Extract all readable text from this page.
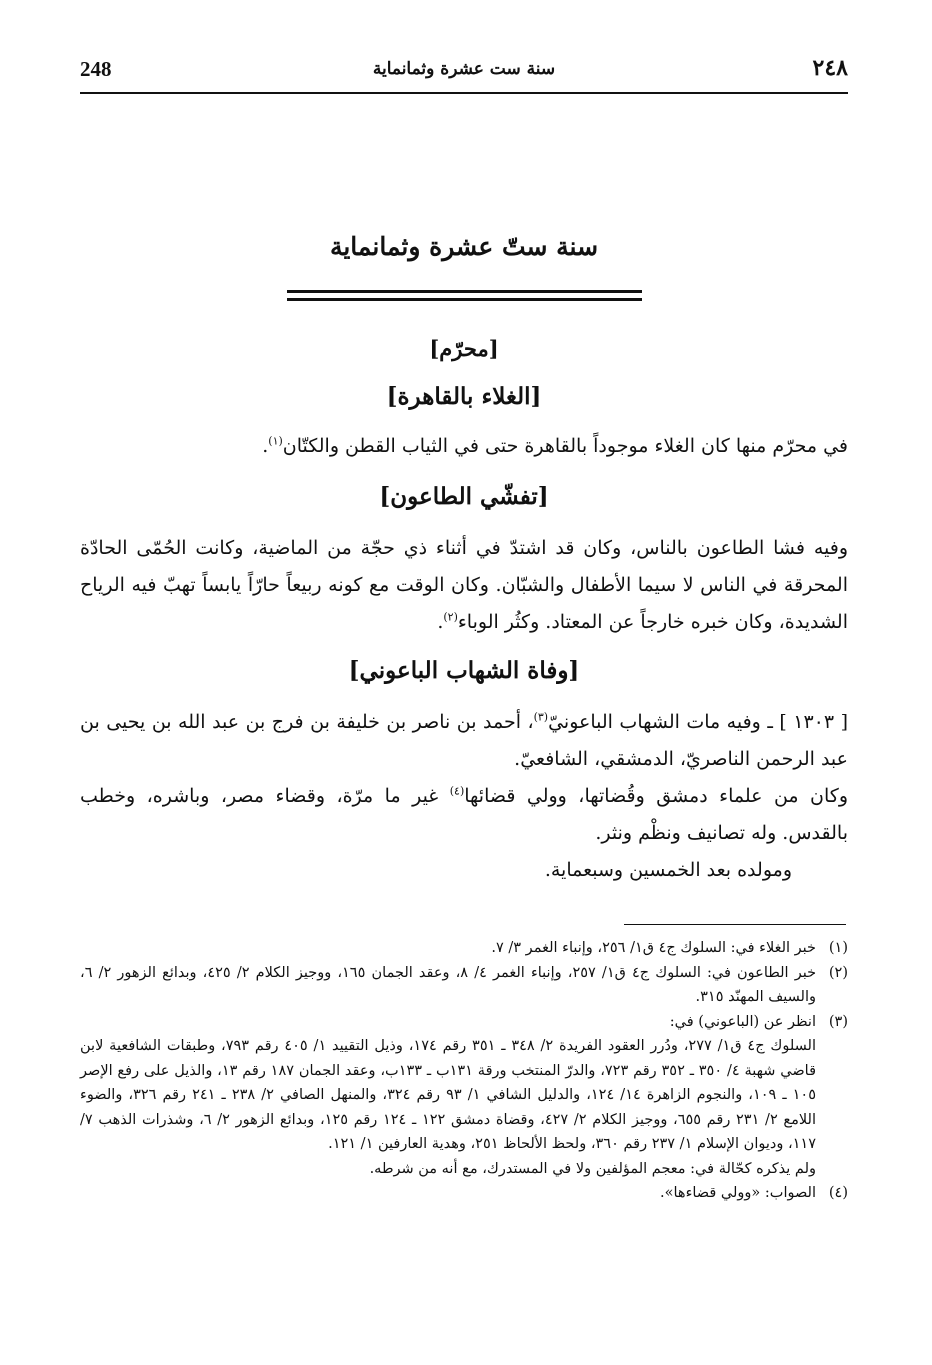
248	سنة ست عشرة وثمانماية	٢٤٨
سنة ستّ عشرة وثمانماية
[محرّم]
[الغلاء بالقاهرة]

في محرّم منها كان الغلاء موجوداً بالقاهرة حتى في الثياب القطن والكتّان$^{(١)}$.

[تفشّي الطاعون]

وفيه فشا الطاعون بالناس، وكان قد اشتدّ في أثناء ذي حجّة من الماضية، وكانت الحُمّى الحادّة المحرقة في الناس لا سيما الأطفال والشبّان. وكان الوقت مع كونه ربيعاً حارّاً يابساً تهبّ فيه الرياح الشديدة، وكان خبره خارجاً عن المعتاد. وكثُر الوباء$^{(٢)}$.

[وفاة الشهاب الباعوني]

[ ١٣٠٣ ] ـ وفيه مات الشهاب الباعونيّ$^{(٣)}$، أحمد بن ناصر بن خليفة بن فرج بن عبد الله بن يحيى بن عبد الرحمن الناصريّ، الدمشقي، الشافعيّ.

وكان من علماء دمشق وقُضاتها، وولي قضائها$^{(٤)}$ غير ما مرّة، وقضاء مصر، وباشره، وخطب بالقدس. وله تصانيف ونظْم ونثر.

ومولده بعد الخمسين وسبعماية.

(١)
خبر الغلاء في: السلوك ج٤ ق١/ ٢٥٦، وإنباء الغمر ٣/ ٧.
(٢)
خبر الطاعون في: السلوك ج٤ ق١/ ٢٥٧، وإنباء الغمر ٤/ ٨، وعقد الجمان ١٦٥، ووجيز الكلام ٢/ ٤٢٥، وبدائع الزهور ٢/ ٦، والسيف المهنّد ٣١٥.
(٣)
انظر عن (الباعوني) في:
السلوك ج٤ ق١/ ٢٧٧، ودُرر العقود الفريدة ٢/ ٣٤٨ ـ ٣٥١ رقم ١٧٤، وذيل التقييد ١/ ٤٠٥ رقم ٧٩٣، وطبقات الشافعية لابن قاضي شهبة ٤/ ٣٥٠ ـ ٣٥٢ رقم ٧٢٣، والدرّ المنتخب ورقة ١٣١ب ـ ١٣٣ب، وعقد الجمان ١٨٧ رقم ١٣، والذيل على رفع الإصر ١٠٥ ـ ١٠٩، والنجوم الزاهرة ١٤/ ١٢٤، والدليل الشافي ١/ ٩٣ رقم ٣٢٤، والمنهل الصافي ٢/ ٢٣٨ ـ ٢٤١ رقم ٣٢٦، والضوء اللامع ٢/ ٢٣١ رقم ٦٥٥، ووجيز الكلام ٢/ ٤٢٧، وقضاة دمشق ١٢٢ ـ ١٢٤ رقم ١٢٥، وبدائع الزهور ٢/ ٦، وشذرات الذهب ٧/ ١١٧، وديوان الإسلام ١/ ٢٣٧ رقم ٣٦٠، ولحظ الألحاظ ٢٥١، وهدية العارفين ١/ ١٢١.
ولم يذكره كحّالة في: معجم المؤلفين ولا في المستدرك، مع أنه من شرطه.
(٤)
الصواب: «وولي قضاءها».
